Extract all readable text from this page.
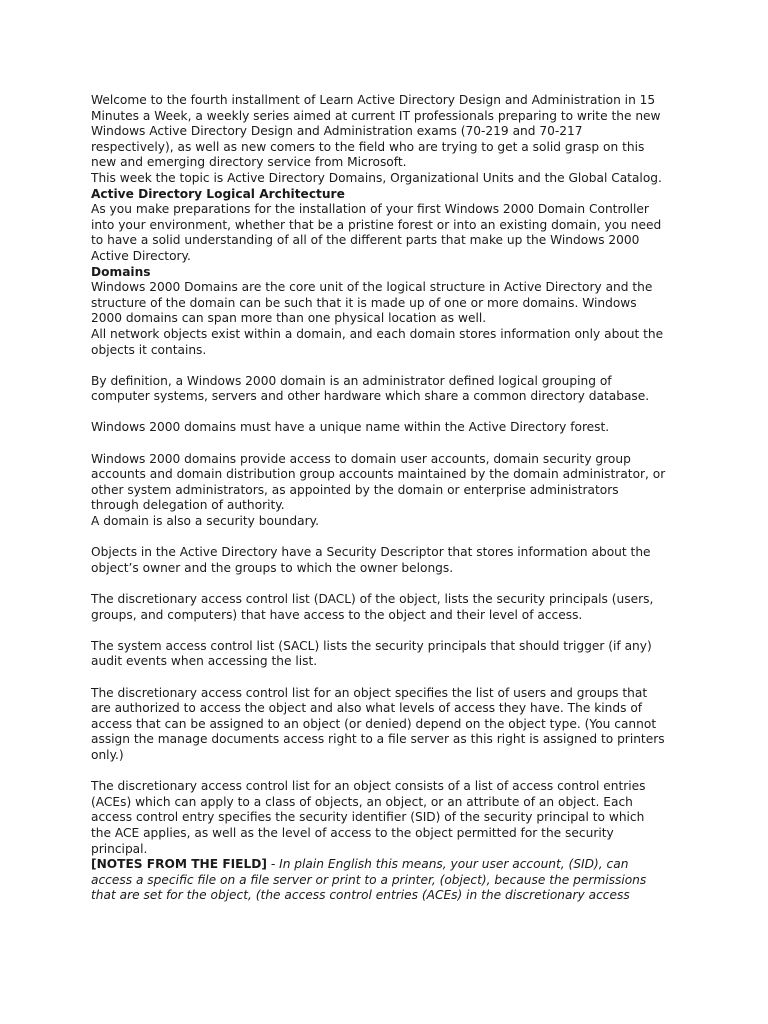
Welcome to the fourth installment of Learn Active Directory Design and Administration in 15 Minutes a Week, a weekly series aimed at current IT professionals preparing to write the new Windows Active Directory Design and Administration exams (70-219 and 70-217 respectively), as well as new comers to the field who are trying to get a solid grasp on this new and emerging directory service from Microsoft.

This week the topic is Active Directory Domains, Organizational Units and the Global Catalog.

Active Directory Logical Architecture

As you make preparations for the installation of your first Windows 2000 Domain Controller into your environment, whether that be a pristine forest or into an existing domain, you need to have a solid understanding of all of the different parts that make up the Windows 2000 Active Directory.

Domains

Windows 2000 Domains are the core unit of the logical structure in Active Directory and the structure of the domain can be such that it is made up of one or more domains. Windows 2000 domains can span more than one physical location as well.

All network objects exist within a domain, and each domain stores information only about the objects it contains.

By definition, a Windows 2000 domain is an administrator defined logical grouping of computer systems, servers and other hardware which share a common directory database.

Windows 2000 domains must have a unique name within the Active Directory forest.

Windows 2000 domains provide access to domain user accounts, domain security group accounts and domain distribution group accounts maintained by the domain administrator, or other system administrators, as appointed by the domain or enterprise administrators through delegation of authority.

A domain is also a security boundary.

Objects in the Active Directory have a Security Descriptor that stores information about the object’s owner and the groups to which the owner belongs.

The discretionary access control list (DACL) of the object, lists the security principals (users, groups, and computers) that have access to the object and their level of access.

The system access control list (SACL) lists the security principals that should trigger (if any) audit events when accessing the list.

The discretionary access control list for an object specifies the list of users and groups that are authorized to access the object and also what levels of access they have. The kinds of access that can be assigned to an object (or denied) depend on the object type. (You cannot assign the manage documents access right to a file server as this right is assigned to printers only.)

The discretionary access control list for an object consists of a list of access control entries (ACEs) which can apply to a class of objects, an object, or an attribute of an object. Each access control entry specifies the security identifier (SID) of the security principal to which the ACE applies, as well as the level of access to the object permitted for the security principal.

[NOTES FROM THE FIELD] - In plain English this means, your user account, (SID), can access a specific file on a file server or print to a printer, (object), because the permissions that are set for the object, (the access control entries (ACEs) in the discretionary access
